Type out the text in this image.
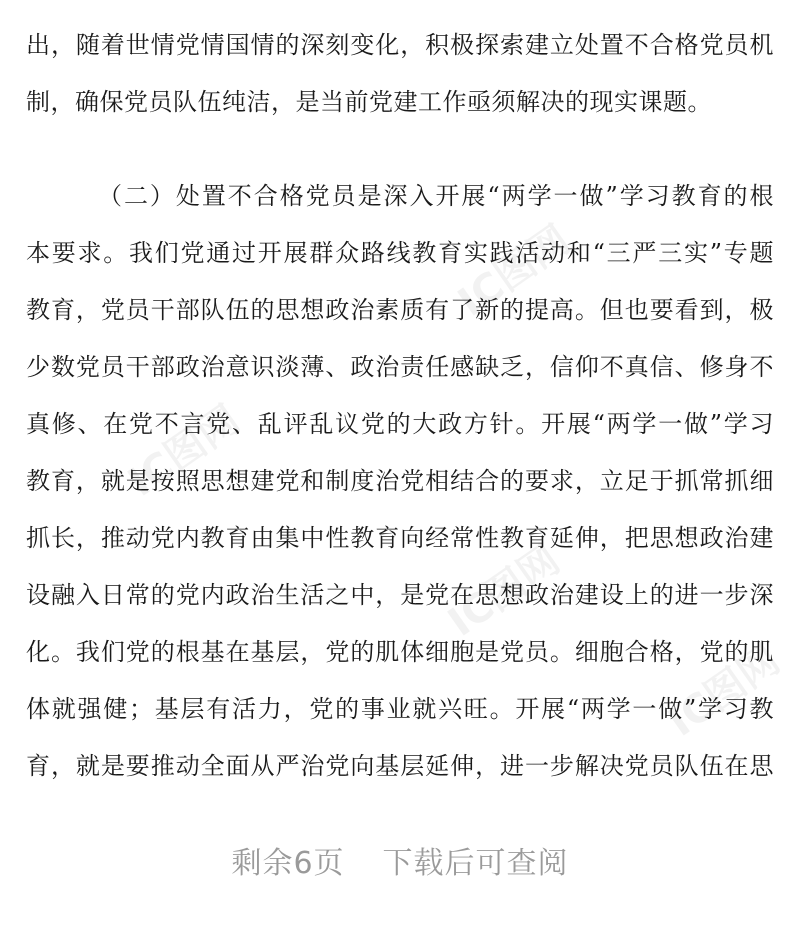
IC图网
IC图网
IC图网
IC图网
出，随着世情党情国情的深刻变化，积极探索建立处置不合格党员机
制，确保党员队伍纯洁，是当前党建工作亟须解决的现实课题。
（二）处置不合格党员是深入开展“两学一做”学习教育的根
本要求。我们党通过开展群众路线教育实践活动和“三严三实”专题
教育，党员干部队伍的思想政治素质有了新的提高。但也要看到，极
少数党员干部政治意识淡薄、政治责任感缺乏，信仰不真信、修身不
真修、在党不言党、乱评乱议党的大政方针。开展“两学一做”学习
教育，就是按照思想建党和制度治党相结合的要求，立足于抓常抓细
抓长，推动党内教育由集中性教育向经常性教育延伸，把思想政治建
设融入日常的党内政治生活之中，是党在思想政治建设上的进一步深
化。我们党的根基在基层，党的肌体细胞是党员。细胞合格，党的肌
体就强健；基层有活力，党的事业就兴旺。开展“两学一做”学习教
育，就是要推动全面从严治党向基层延伸，进一步解决党员队伍在思
剩余6页 下载后可查阅
